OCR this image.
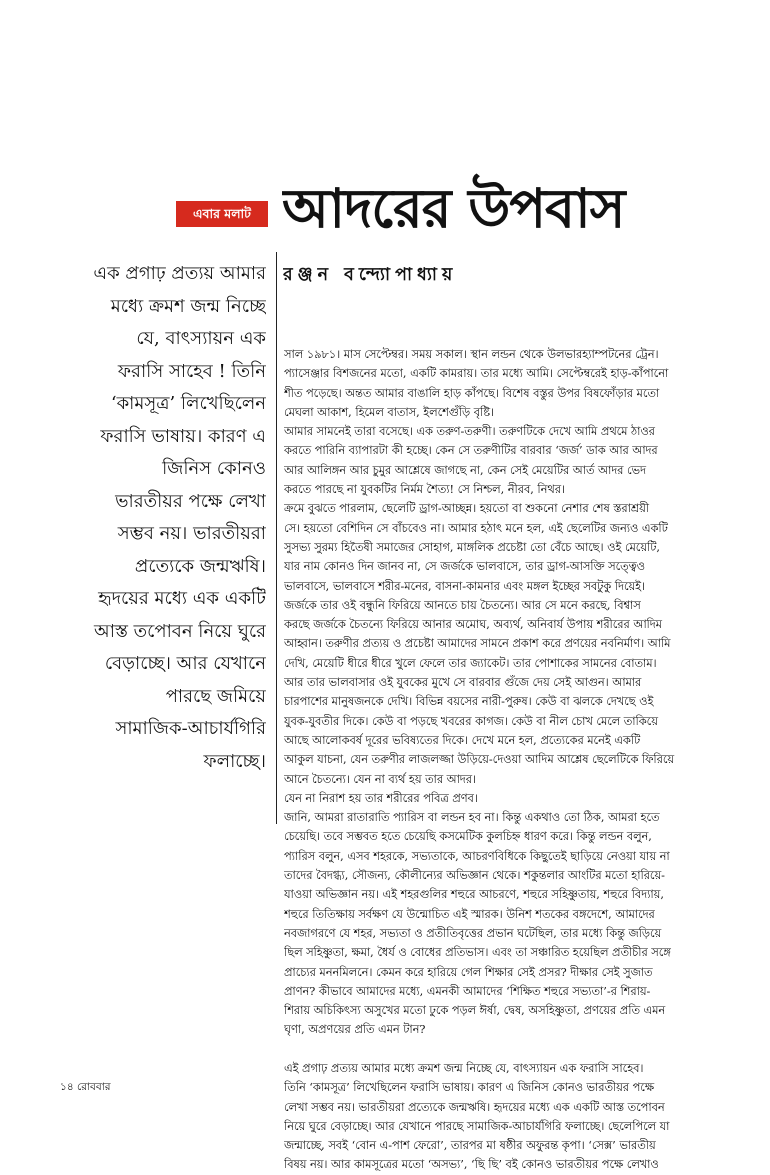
এবার মলাট আদরের উপবাস
রঞ্জন বন্দ্যোপাধ্যায়
এক প্রগাঢ় প্রত্যয় আমার
মধ্যে ক্রমশ জন্ম নিচ্ছে
যে, বাৎস্যায়ন এক
ফরাসি সাহেব ! তিনি
‘কামসূত্র’ লিখেছিলেন
ফরাসি ভাষায়। কারণ এ
জিনিস কোনও
ভারতীয়র পক্ষে লেখা
সম্ভব নয়। ভারতীয়রা
প্রত্যেকে জন্মঋষি।
হৃদয়ের মধ্যে এক একটি
আস্ত তপোবন নিয়ে ঘুরে
বেড়াচ্ছে। আর যেখানে
পারছে জমিয়ে
সামাজিক-আচার্যগিরি
ফলাচ্ছে।
সাল ১৯৮১। মাস সেপ্টেম্বর। সময় সকাল। স্থান লন্ডন থেকে উলভারহ্যাম্পটনের ট্রেন।
প্যাসেঞ্জার বিশজনের মতো, একটি কামরায়। তার মধ্যে আমি। সেপ্টেম্বরেই হাড়-কাঁপানো
শীত পড়েছে। অন্তত আমার বাঙালি হাড় কাঁপছে। বিশেষ বস্তুর উপর বিষফোঁড়ার মতো
মেঘলা আকাশ, হিমেল বাতাস, ইলশেগুঁড়ি বৃষ্টি।
আমার সামনেই তারা বসেছে। এক তরুণ-তরুণী। তরুণটিকে দেখে আমি প্রথমে ঠাওর
করতে পারিনি ব্যাপারটা কী হচ্ছে। কেন সে তরুণীটির বারবার ‘জর্জ’ ডাক আর আদর
আর আলিঙ্গন আর চুমুর আশ্লেষে জাগছে না, কেন সেই মেয়েটির আর্ত আদর ভেদ
করতে পারছে না যুবকটির নির্মম শৈত্য! সে নিশ্চল, নীরব, নিথর।
ক্রমে বুঝতে পারলাম, ছেলেটি ড্রাগ-আচ্ছন্ন। হয়তো বা শুকনো নেশার শেষ স্তরাশ্রয়ী
সে। হয়তো বেশিদিন সে বাঁচবেও না। আমার হঠাৎ মনে হল, এই ছেলেটির জন্যও একটি
সুসভ্য সুরম্য হিতৈষী সমাজের সোহাগ, মাঙ্গলিক প্রচেষ্টা তো বেঁচে আছে। ওই মেয়েটি,
যার নাম কোনও দিন জানব না, সে জর্জকে ভালবাসে, তার ড্রাগ-আসক্তি সত্ত্বেও
ভালবাসে, ভালবাসে শরীর-মনের, বাসনা-কামনার এবং মঙ্গল ইচ্ছের সবটুকু দিয়েই।
জর্জকে তার ওই বন্ধুনি ফিরিয়ে আনতে চায় চৈতন্যে। আর সে মনে করছে, বিশ্বাস
করছে জর্জকে চৈতন্যে ফিরিয়ে আনার অমোঘ, অব্যর্থ, অনিবার্য উপায় শরীরের আদিম
আহ্বান। তরুণীর প্রত্যয় ও প্রচেষ্টা আমাদের সামনে প্রকাশ করে প্রণয়ের নবনির্মাণ। আমি
দেখি, মেয়েটি ধীরে ধীরে খুলে ফেলে তার জ্যাকেট। তার পোশাকের সামনের বোতাম।
আর তার ভালবাসার ওই যুবকের মুখে সে বারবার গুঁজে দেয় সেই আগুন। আমার
চারপাশের মানুষজনকে দেখি। বিভিন্ন বয়সের নারী-পুরুষ। কেউ বা ঝলকে দেখছে ওই
যুবক-যুবতীর দিকে। কেউ বা পড়ছে খবরের কাগজ। কেউ বা নীল চোখ মেলে তাকিয়ে
আছে আলোকবর্ষ দূরের ভবিষ্যতের দিকে। দেখে মনে হল, প্রত্যেকের মনেই একটি
আকুল যাচনা, যেন তরুণীর লাজলজ্জা উড়িয়ে-দেওয়া আদিম আশ্লেষ ছেলেটিকে ফিরিয়ে
আনে চৈতন্যে। যেন না ব্যর্থ হয় তার আদর।
যেন না নিরাশ হয় তার শরীরের পবিত্র প্রণব।
জানি, আমরা রাতারাতি প্যারিস বা লন্ডন হব না। কিন্তু একথাও তো ঠিক, আমরা হতে
চেয়েছি। তবে সম্ভবত হতে চেয়েছি কসমেটিক কুলচিহ্ন ধারণ করে। কিন্তু লন্ডন বলুন,
প্যারিস বলুন, এসব শহরকে, সভ্যতাকে, আচরণবিধিকে কিছুতেই ছাড়িয়ে নেওয়া যায় না
তাদের বৈদগ্ধ্য, সৌজন্য, কৌলীন্যের অভিজ্ঞান থেকে। শকুন্তলার আংটির মতো হারিয়ে-
যাওয়া অভিজ্ঞান নয়। এই শহরগুলির শহুরে আচরণে, শহুরে সহিষ্ণুতায়, শহুরে বিদ্যায়,
শহুরে তিতিক্ষায় সর্বক্ষণ যে উন্মোচিত এই স্মারক। উনিশ শতকের বঙ্গদেশে, আমাদের
নবজাগরণে যে শহর, সভ্যতা ও প্রতীতিবৃত্তের প্রভান ঘটেছিল, তার মধ্যে কিন্তু জড়িয়ে
ছিল সহিষ্ণুতা, ক্ষমা, ধৈর্য ও বোধের প্রতিভাস। এবং তা সঞ্চারিত হয়েছিল প্রতীচীর সঙ্গে
প্রাচ্যের মননমিলনে। কেমন করে হারিয়ে গেল শিক্ষার সেই প্রসর? দীক্ষার সেই সুজাত
প্রাণন? কীভাবে আমাদের মধ্যে, এমনকী আমাদের ‘শিক্ষিত শহুরে সভ্যতা’-র শিরায়-
শিরায় অচিকিৎস্য অসুখের মতো ঢুকে পড়ল ঈর্ষা, দ্বেষ, অসহিষ্ণুতা, প্রণয়ের প্রতি এমন
ঘৃণা, অপ্রণয়ের প্রতি এমন টান?
এই প্রগাঢ় প্রত্যয় আমার মধ্যে ক্রমশ জন্ম নিচ্ছে যে, বাৎস্যায়ন এক ফরাসি সাহেব।
তিনি ‘কামসূত্র’ লিখেছিলেন ফরাসি ভাষায়। কারণ এ জিনিস কোনও ভারতীয়র পক্ষে
লেখা সম্ভব নয়। ভারতীয়রা প্রত্যেকে জন্মঋষি। হৃদয়ের মধ্যে এক একটি আস্ত তপোবন
নিয়ে ঘুরে বেড়াচ্ছে। আর যেখানে পারছে সামাজিক-আচার্যগিরি ফলাচ্ছে। ছেলেপিলে যা
জন্মাচ্ছে, সবই ‘বোন এ-পাশ ফেরো’, তারপর মা ষষ্ঠীর অফুরন্ত কৃপা। ‘সেক্স’ ভারতীয়
বিষয় নয়। আর কামসূত্রের মতো ‘অসভ্য’, ‘ছি ছি’ বই কোনও ভারতীয়র পক্ষে লেখাও
১৪ রোববার
